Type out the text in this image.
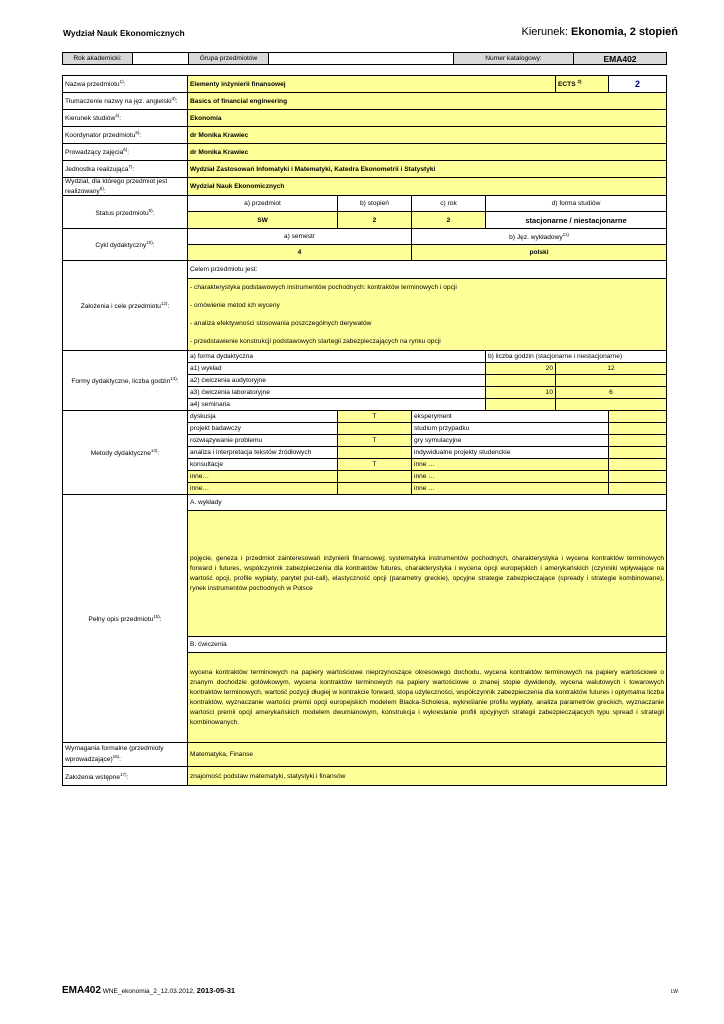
Wydział Nauk Ekonomicznych	Kierunek: Ekonomia, 2 stopień
Rok akademicki:		Grupa przedmiotów		Numer katalogowy:	EMA402
Nazwa przedmiotu$^{1)}$:	Elementy inżynierii finansowej				ECTS $^{2)}$	2
Tłumaczenie nazwy na jęz. angielski$^{3)}$:	Basics of financial engineering					
Kierunek studiów$^{4)}$:	Ekonomia					
Koordynator przedmiotu$^{5)}$:	dr Monika Krawiec					
Prowadzący zajęcia$^{6)}$:	dr Monika Krawiec					
Jednostka realizująca$^{7)}$:	Wydział Zastosowań Infomatyki i Matematyki, Katedra Ekonometrii i Statystyki					
Wydział, dla którego przedmiot jest realizowany$^{8)}$:	Wydział Nauk Ekonomicznych					
Status przedmiotu$^{9)}$:	a) przedmiot	b) stopień	c) rok	d) forma studiów		
	SW	2	2	stacjonarne / niestacjonarne		
Cykl dydaktyczny$^{10)}$:	a) semestr		b) Jęz. wykładowy$^{11)}$
	4		polski			
Założenia i cele przedmiotu$^{12)}$:	Celem przedmiotu jest:					
	- charakterystyka podstawowych instrumentów pochodnych: kontraktów terminowych i opcji					
	- omówienie metod ich wyceny					
	- analiza efektywności stosowania poszczególnych derywatów					
	- przedstawienie konstrukcji podstawowych startegii zabezpieczających na rynku opcji					
Formy dydaktyczne, liczba godzin$^{13)}$:	a) forma dydaktyczna			b) liczba godzin (stacjonarne i niestacjonarne)		
	a1) wykład			20	12	
	a2) ćwiczenia audytoryjne					
	a3) ćwiczenia laboratoryjne			10	6	
	a4) seminaria					
Metody dydaktyczne$^{14)}$:	dyskusja	T	eksperyment			
	projekt badawczy		studium przypadku			
	rozwiązywanie problemu	T	gry symulacyjne			
	analiza i interpretacja tekstów źródłowych		indywidualne projekty studenckie			
	konsultacje	T	inne …			
	inne…		inne …			
	inne…		inne …			
Pełny opis przedmiotu$^{15)}$:	A. wykłady					
	pojęcie, geneza i przedmiot zainteresowań inżynierii finansowej; systematyka instrumentów pochodnych, charakterystyka i wycena kontraktów terminowych forward i futures, współczynnik zabezpieczenia dla kontraktów futures, charakterystyka i wycena opcji europejskich i amerykańskich (czynniki wpływające na wartość opcji, profile wypłaty, parytet put-call), elastyczność opcji (parametry greckie), opcyjne strategie zabezpieczające (spready i strategie kombinowane), rynek instrumentów pochodnych w Polsce					
	B. ćwiczenia					
	wycena kontraktów terminowych na papiery wartościowe nieprzynoszące okresowego dochodu, wycena kontraktów terminowych na papiery wartościowe o znanym dochodzie gotówkowym, wycena kontraktów terminowych na papiery wartościowe o znanej stopie dywidendy, wycena walutowych i towarowych kontraktów terminowych, wartość pozycji długiej w kontrakcie forward, stopa użyteczności, współczynnik zabezpieczenia dla kontraktów futures i optymalna liczba kontraktów, wyznaczanie wartości premii opcji europejskich modelem Blacka-Scholesa, wykreślanie profilu wypłaty, analiza parametrów greckich, wyznaczanie wartości premii opcji amerykańskich modelem dwumianowym, konstrukcja i wykreslanie profili opcyjnych strategii zabezpieczajacych typu spread i strategii kombinowanych.					
Wymagania formalne (przedmioty wprowadzające)$^{16)}$:	Matematyka, Finanse					
Założenia wstępne$^{17)}$:	znajomość podstaw matematyki, statystyki i finansów					
EMA402 WNE_ekonomia_2_12.03.2012, 2013-05-31	LW
